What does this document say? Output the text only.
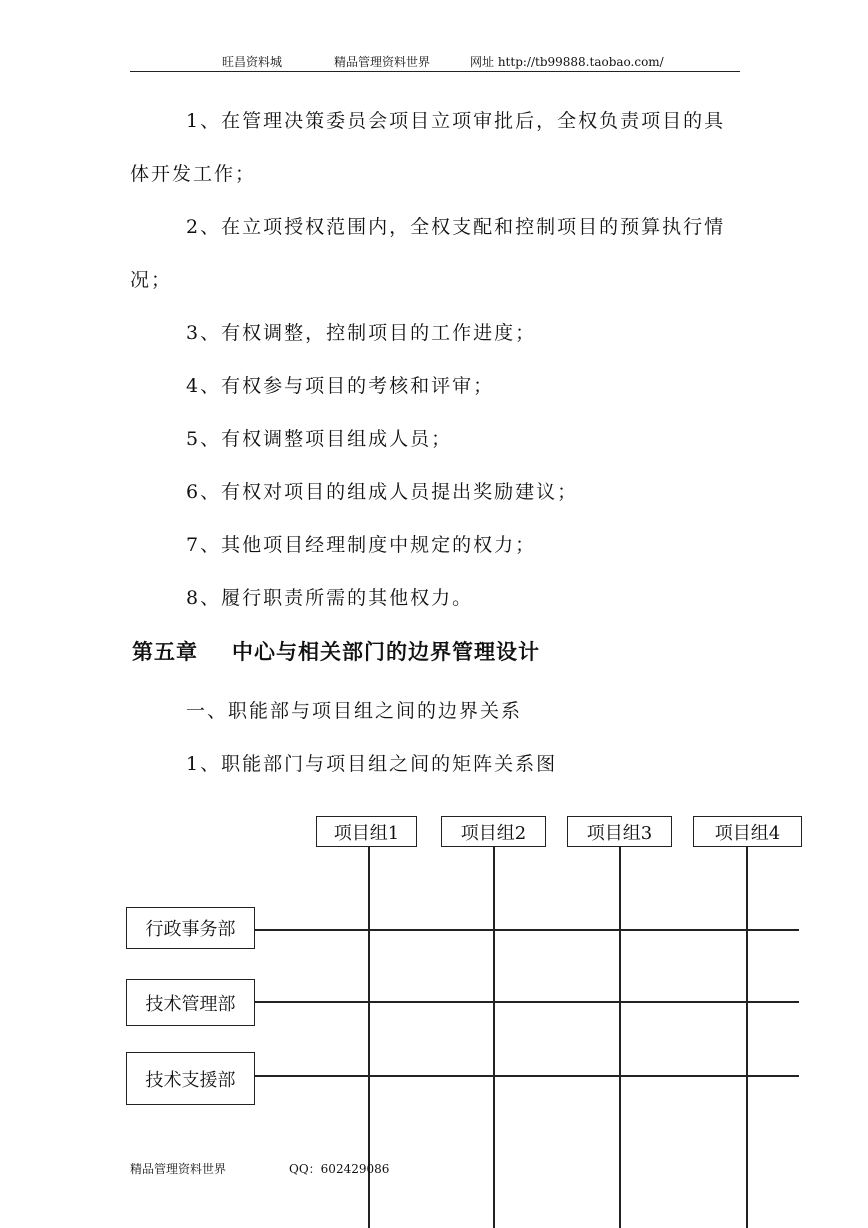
旺昌资料城	精品管理资料世界	网址 http://tb99888.taobao.com/
1、在管理决策委员会项目立项审批后，全权负责项目的具
体开发工作；
2、在立项授权范围内，全权支配和控制项目的预算执行情
况；
3、有权调整，控制项目的工作进度；
4、有权参与项目的考核和评审；
5、有权调整项目组成人员；
6、有权对项目的组成人员提出奖励建议；
7、其他项目经理制度中规定的权力；
8、履行职责所需的其他权力。
第五章 中心与相关部门的边界管理设计
一、职能部与项目组之间的边界关系
1、职能部门与项目组之间的矩阵关系图
项目组1	项目组2	项目组3	项目组4
行政事务部
技术管理部
技术支援部
精品管理资料世界	QQ：602429086
